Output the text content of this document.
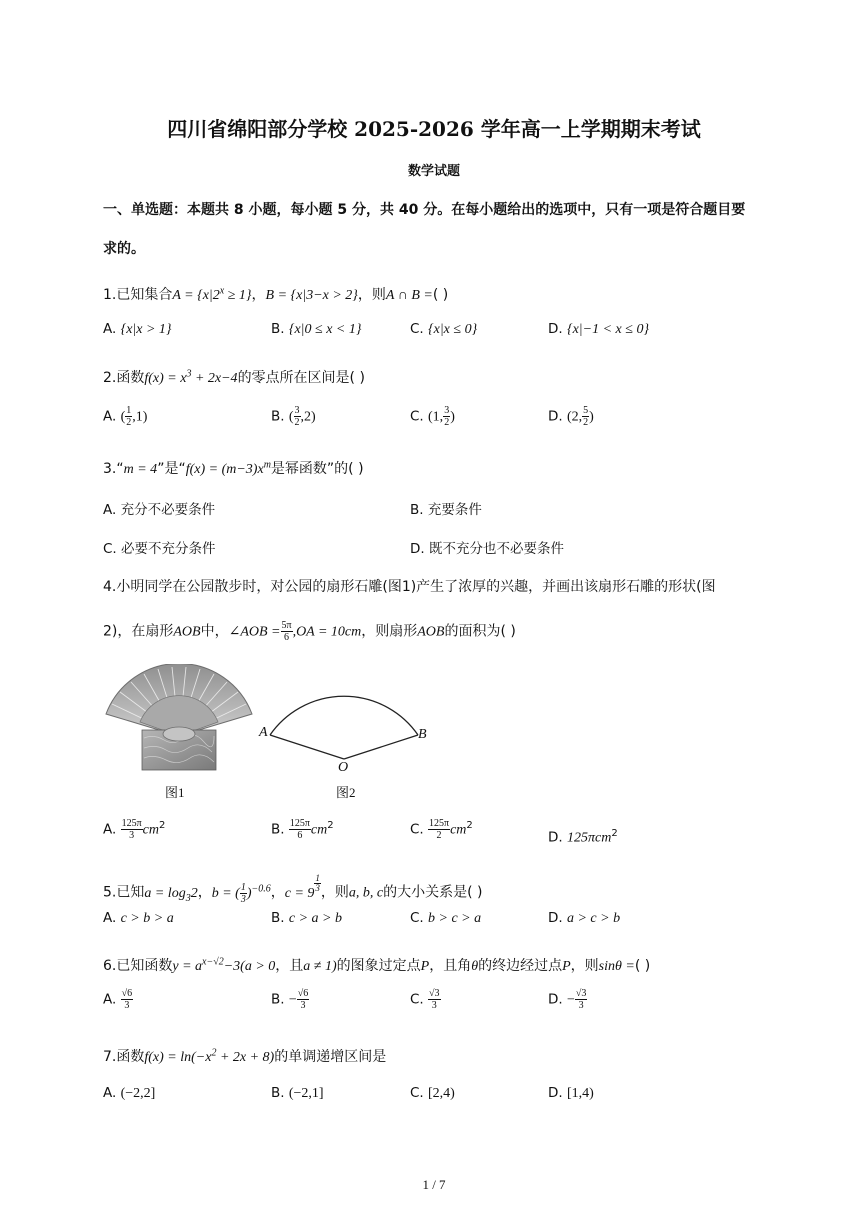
四川省绵阳部分学校 2025-2026 学年高一上学期期末考试
数学试题
一、单选题：本题共 8 小题，每小题 5 分，共 40 分。在每小题给出的选项中，只有一项是符合题目要
求的。
1.已知集合$A = \{x|2^x \ge 1\}$，B = {x|3−x > 2}，则A ∩ B =( )
A. {x|x > 1}	B. {x|0 ≤ x < 1}	C. {x|x ≤ 0}	D. {x|−1 < x ≤ 0}
2.函数$f(x) = x^3 + 2x-4$的零点所在区间是( )
A. ( $\frac{1}{2} ,1$)	B. ( $\frac{3}{2} ,2$)	C. (1, $\frac{3}{2}$ )	D. (2, $\frac{5}{2}$ )
3.“m = 4”是“$f(x) = (m-3)x^m$是幂函数”的( )
A. 充分不必要条件	B. 充要条件
C. 必要不充分条件	D. 既不充分也不必要条件
4.小明同学在公园散步时，对公园的扇形石雕(图1)产生了浓厚的兴趣，并画出该扇形石雕的形状(图
2)，在扇形AOB中，∠AOB = $\frac{5\pi}{6} ,OA = 10cm$，则扇形AOB的面积为( )
图1
A	B
O
图2
A. $\frac{125\pi}{3} cm^2$	B. $\frac{125\pi}{6} cm^2$	C. $\frac{125\pi}{2} cm^2$
D. 125πcm$^2$
5.已知$a = \log_32$，b = ( $\frac{1}{3} )^{-0.6}$，c = 9
$\frac{1}{3}$ ，则a, b, c的大小关系是( )
A. c > b > a	B. c > a > b	C. b > c > a	D. a > c > b
6.已知函数$y = a^{x-√2}-3(a > 0$，且a ≠ 1)的图象过定点P，且角θ的终边经过点P，则sinθ =( )
A. $\frac{√6}{3}$	B. − $\frac{√6}{3}$	C. $\frac{√3}{3}$	D. − $\frac{√3}{3}$
7.函数$f(x) = \ln(-x^2 + 2x + 8)$的单调递增区间是
A. (−2,2]	B. (−2,1]	C. [2,4)	D. [1,4)
1 / 7
